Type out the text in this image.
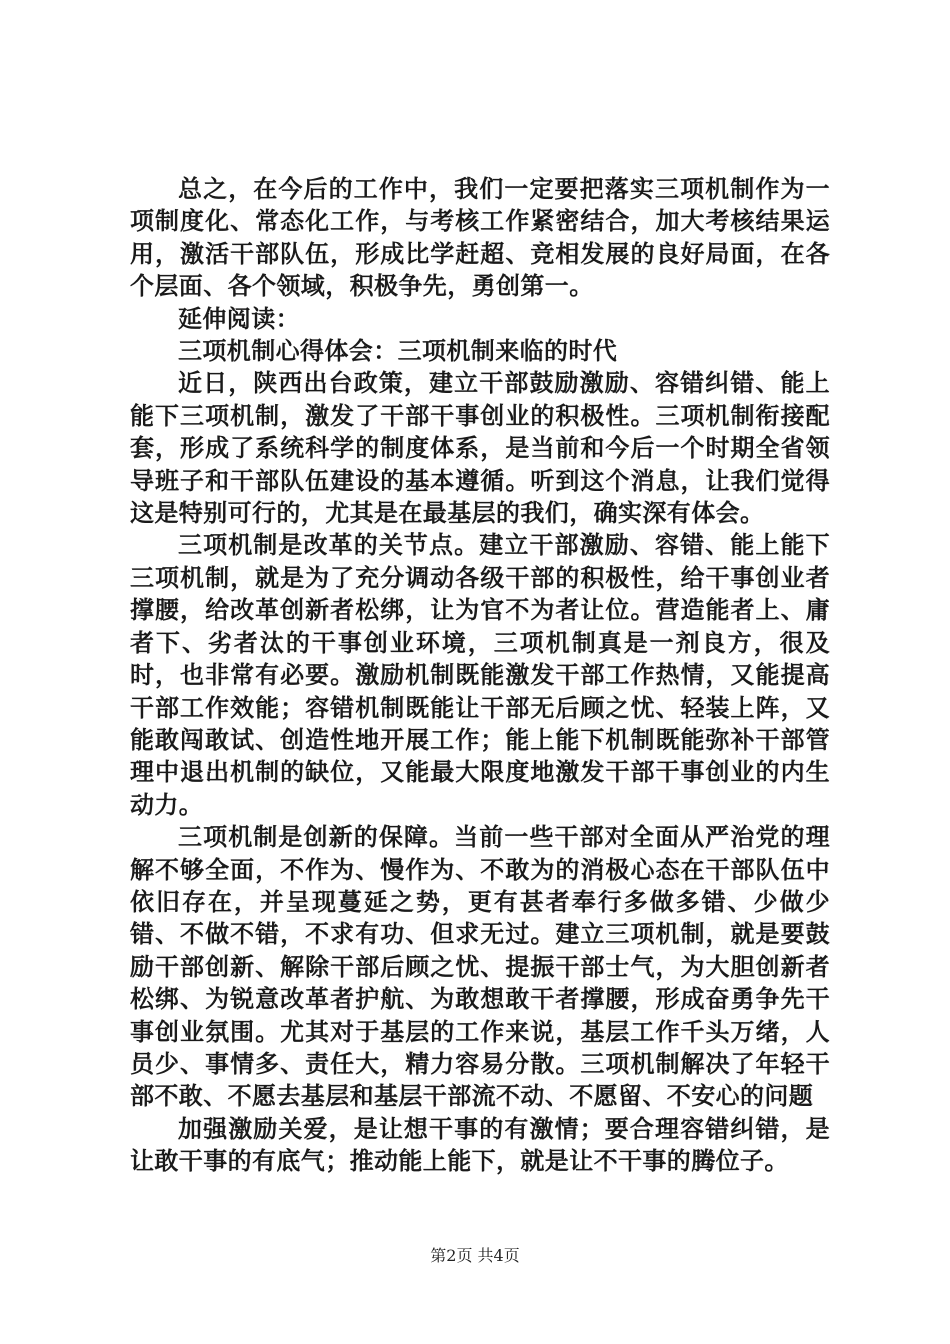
总之，在今后的工作中，我们一定要把落实三项机制作为一项制度化、常态化工作，与考核工作紧密结合，加大考核结果运用，激活干部队伍，形成比学赶超、竞相发展的良好局面，在各个层面、各个领域，积极争先，勇创第一。

延伸阅读：

三项机制心得体会：三项机制来临的时代

近日，陕西出台政策，建立干部鼓励激励、容错纠错、能上能下三项机制，激发了干部干事创业的积极性。三项机制衔接配套，形成了系统科学的制度体系，是当前和今后一个时期全省领导班子和干部队伍建设的基本遵循。听到这个消息，让我们觉得这是特别可行的，尤其是在最基层的我们，确实深有体会。

三项机制是改革的关节点。建立干部激励、容错、能上能下三项机制，就是为了充分调动各级干部的积极性，给干事创业者撑腰，给改革创新者松绑，让为官不为者让位。营造能者上、庸者下、劣者汰的干事创业环境，三项机制真是一剂良方，很及时，也非常有必要。激励机制既能激发干部工作热情，又能提高干部工作效能；容错机制既能让干部无后顾之忧、轻装上阵，又能敢闯敢试、创造性地开展工作；能上能下机制既能弥补干部管理中退出机制的缺位，又能最大限度地激发干部干事创业的内生动力。

三项机制是创新的保障。当前一些干部对全面从严治党的理解不够全面，不作为、慢作为、不敢为的消极心态在干部队伍中依旧存在，并呈现蔓延之势，更有甚者奉行多做多错、少做少错、不做不错，不求有功、但求无过。建立三项机制，就是要鼓励干部创新、解除干部后顾之忧、提振干部士气，为大胆创新者松绑、为锐意改革者护航、为敢想敢干者撑腰，形成奋勇争先干事创业氛围。尤其对于基层的工作来说，基层工作千头万绪，人员少、事情多、责任大，精力容易分散。三项机制解决了年轻干部不敢、不愿去基层和基层干部流不动、不愿留、不安心的问题

加强激励关爱，是让想干事的有激情；要合理容错纠错，是让敢干事的有底气；推动能上能下，就是让不干事的腾位子。

第2页 共4页
